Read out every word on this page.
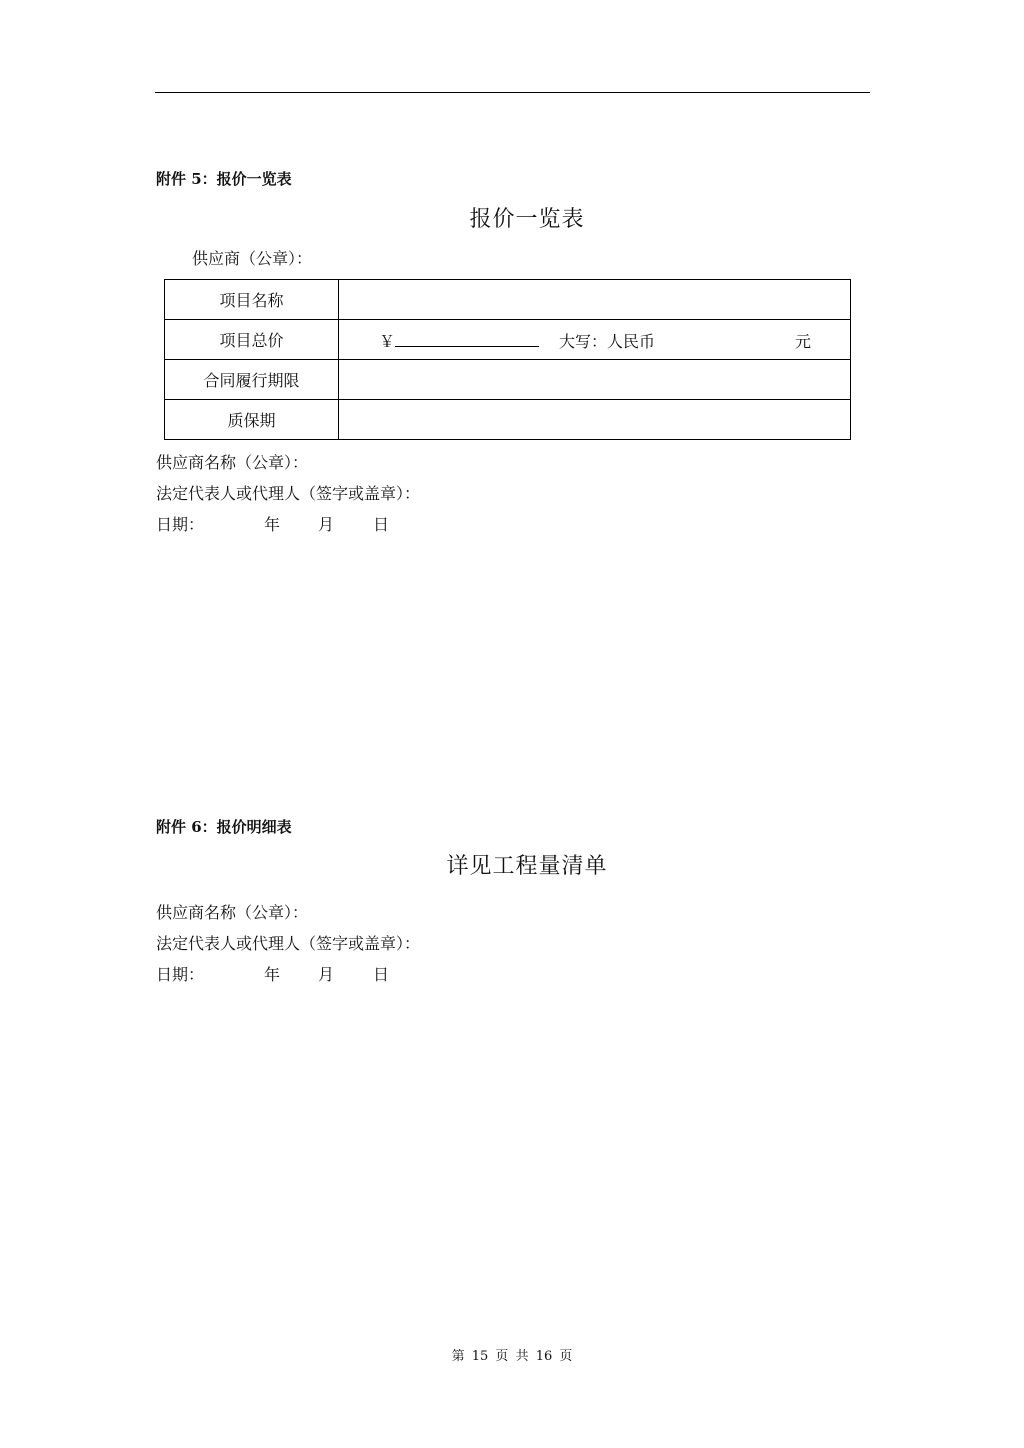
附件 5：报价一览表
报价一览表
供应商（公章）：
项目名称	
项目总价	￥ 大写：人民币 元

合同履行期限	
质保期	
供应商名称（公章）：
法定代表人或代理人（签字或盖章）：
日期：	年 月 日
附件 6：报价明细表
详见工程量清单
供应商名称（公章）：
法定代表人或代理人（签字或盖章）：
日期：	年 月 日
第 15 页 共 16 页
